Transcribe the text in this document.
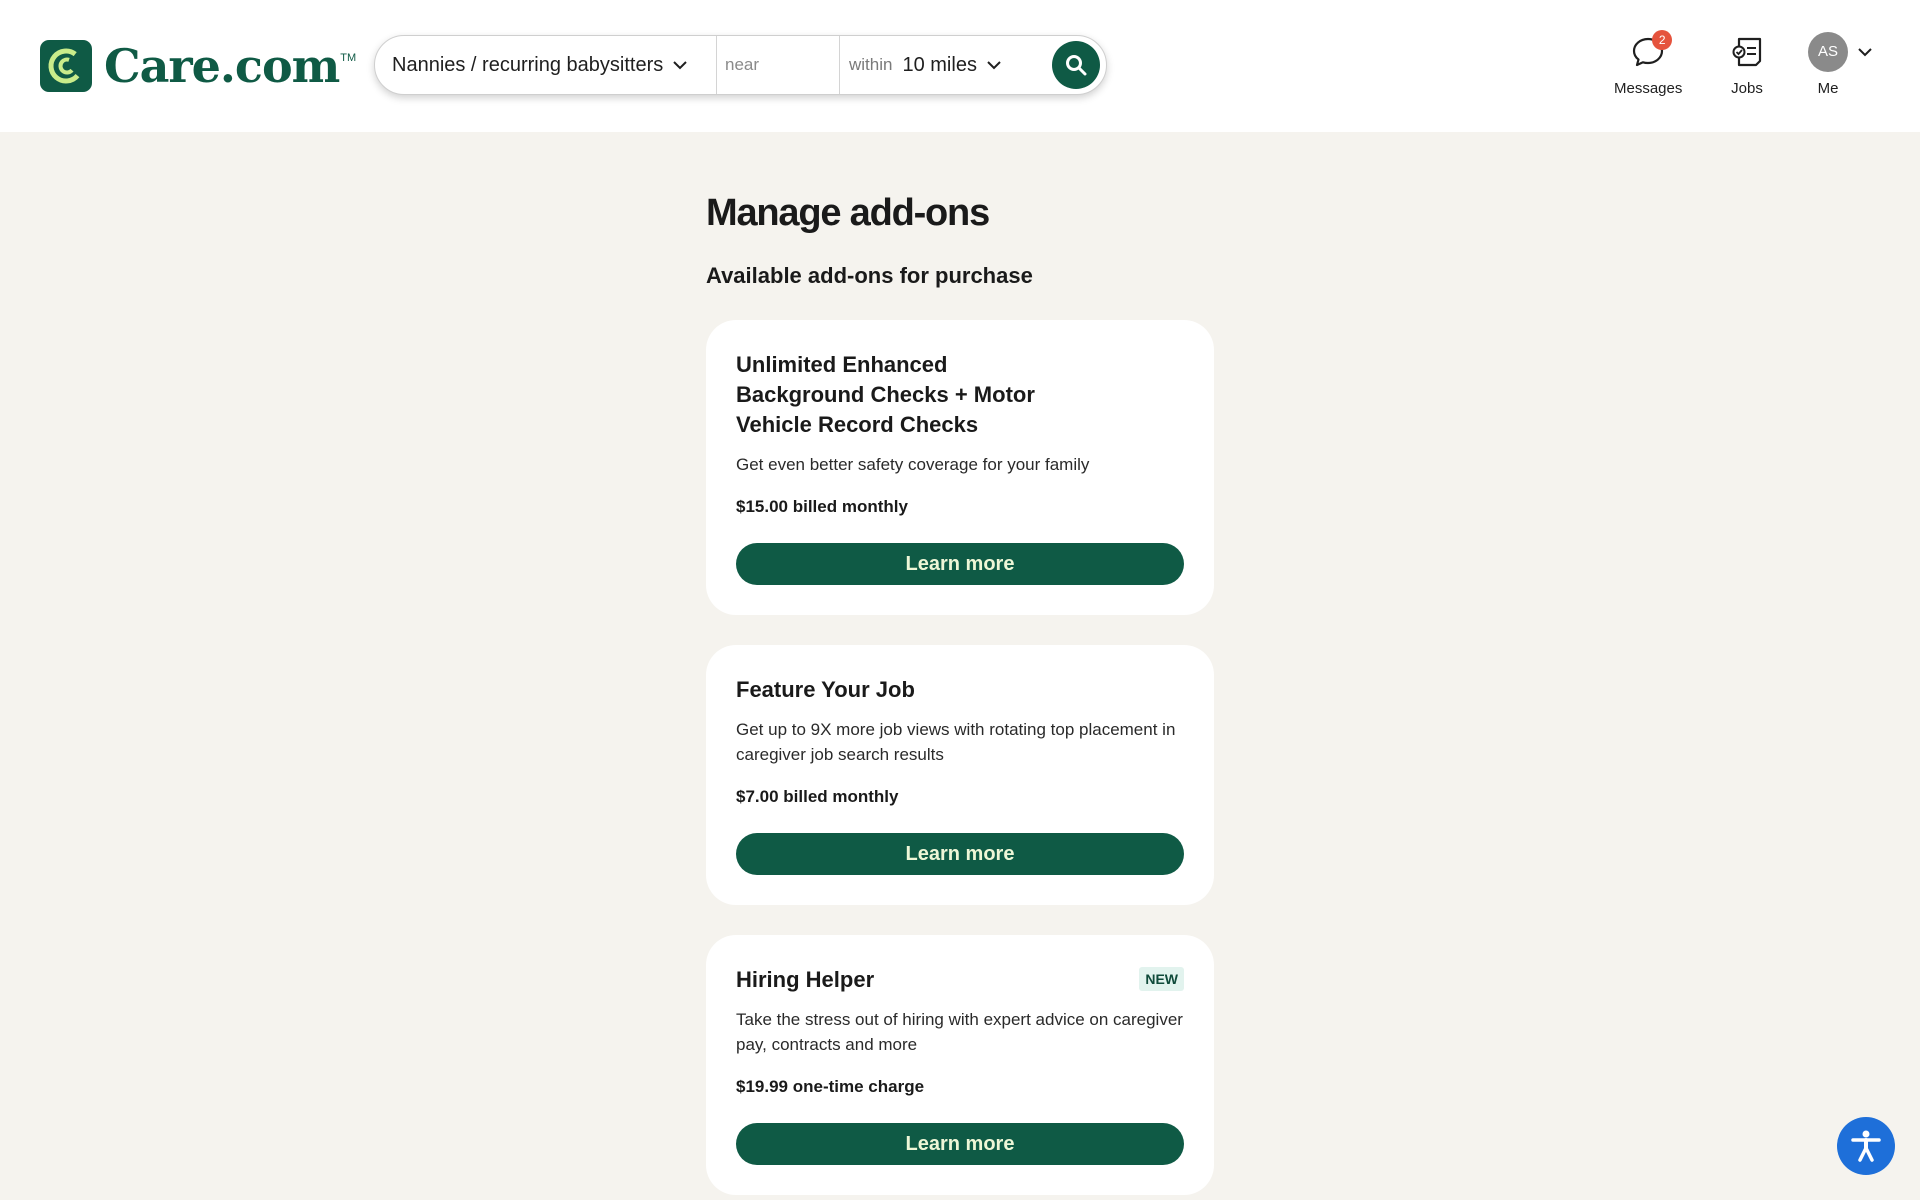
Care.com TM Nannies / recurring babysitters
near	within 10 miles
2
Messages	Jobs
AS
Me
Manage add-ons
Available add-ons for purchase
Unlimited Enhanced Background Checks + Motor Vehicle Record Checks
Get even better safety coverage for your family
$15.00 billed monthly
Learn more
Feature Your Job
Get up to 9X more job views with rotating top placement in caregiver job search results
$7.00 billed monthly
Learn more
Hiring Helper	NEW
Take the stress out of hiring with expert advice on caregiver pay, contracts and more
$19.99 one-time charge
Learn more
